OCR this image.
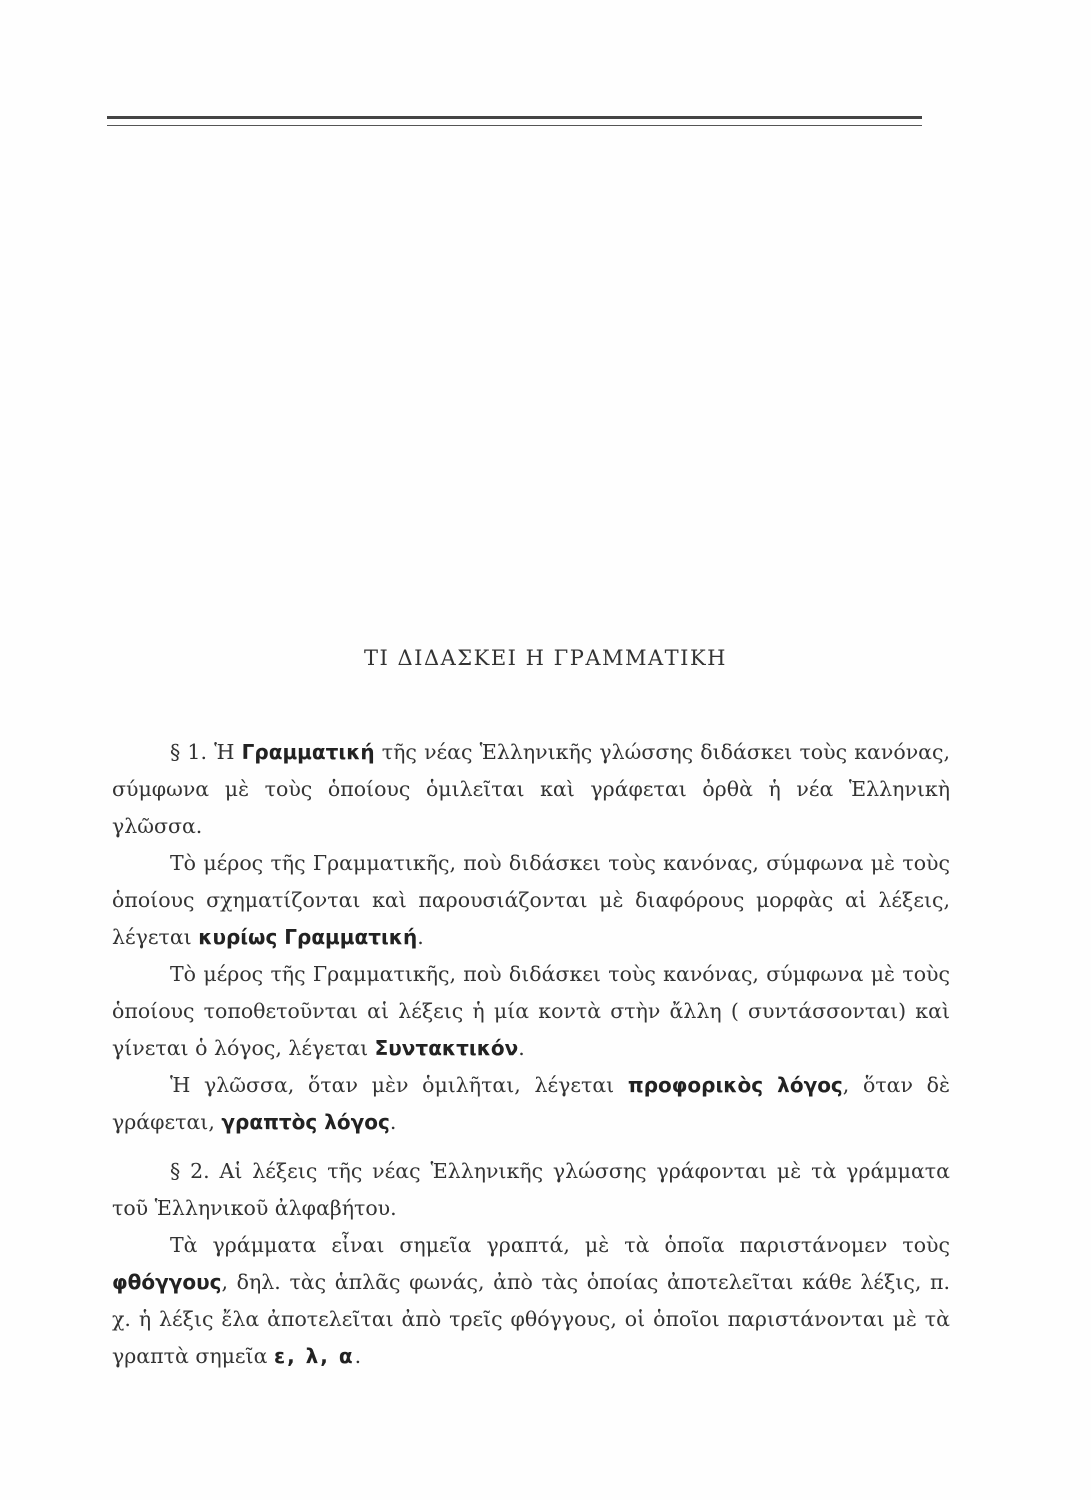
ΤΙ ΔΙΔΑΣΚΕΙ Η ΓΡΑΜΜΑΤΙΚΗ

§ 1. Ἡ Γραμματική τῆς νέας Ἑλληνικῆς γλώσσης διδάσκει τοὺς κανόνας, σύμφωνα μὲ τοὺς ὁποίους ὁμιλεῖται καὶ γράφεται ὀρθὰ ἡ νέα Ἑλληνικὴ γλῶσσα.

Τὸ μέρος τῆς Γραμματικῆς, ποὺ διδάσκει τοὺς κανόνας, σύμφωνα μὲ τοὺς ὁποίους σχηματίζονται καὶ παρουσιάζονται μὲ διαφόρους μορφὰς αἱ λέξεις, λέγεται κυρίως Γραμματική.

Τὸ μέρος τῆς Γραμματικῆς, ποὺ διδάσκει τοὺς κανόνας, σύμφωνα μὲ τοὺς ὁποίους τοποθετοῦνται αἱ λέξεις ἡ μία κοντὰ στὴν ἄλλη ( συντάσσονται) καὶ γίνεται ὁ λόγος, λέγεται Συντακτικόν.

Ἡ γλῶσσα, ὅταν μὲν ὁμιλῆται, λέγεται προφορικὸς λόγος, ὅταν δὲ γράφεται, γραπτὸς λόγος.

§ 2. Αἱ λέξεις τῆς νέας Ἑλληνικῆς γλώσσης γράφονται μὲ τὰ γράμματα τοῦ Ἑλληνικοῦ ἀλφαβήτου.

Τὰ γράμματα εἶναι σημεῖα γραπτά, μὲ τὰ ὁποῖα παριστάνομεν τοὺς φθόγγους, δηλ. τὰς ἁπλᾶς φωνάς, ἀπὸ τὰς ὁποίας ἀποτελεῖται κάθε λέξις, π. χ. ἡ λέξις ἔλα ἀποτελεῖται ἀπὸ τρεῖς φθόγγους, οἱ ὁποῖοι παριστάνονται μὲ τὰ γραπτὰ σημεῖα ε, λ, α.
